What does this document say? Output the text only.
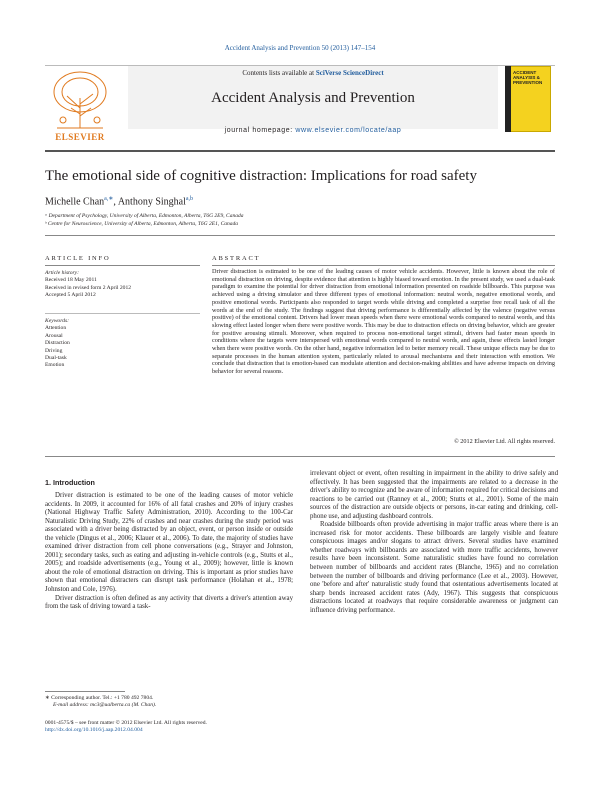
Accident Analysis and Prevention 50 (2013) 147–154
ELSEVIER
Contents lists available at SciVerse ScienceDirect
Accident Analysis and Prevention
journal homepage: www.elsevier.com/locate/aap
ACCIDENT ANALYSIS & PREVENTION
The emotional side of cognitive distraction: Implications for road safety
Michelle Chan$^{a,∗}$, Anthony Singhal$^{a,b}$
ᵃ Department of Psychology, University of Alberta, Edmonton, Alberta, T6G 2E9, Canada
ᵇ Centre for Neuroscience, University of Alberta, Edmonton, Alberta, T6G 2E1, Canada
ARTICLE INFO	ABSTRACT
Article history:
Received 18 May 2011
Received in revised form 2 April 2012
Accepted 5 April 2012
Keywords:
Attention
Arousal
Distraction
Driving
Dual-task
Emotion
Driver distraction is estimated to be one of the leading causes of motor vehicle accidents. However, little is known about the role of emotional distraction on driving, despite evidence that attention is highly biased toward emotion. In the present study, we used a dual-task paradigm to examine the potential for driver distraction from emotional information presented on roadside billboards. This purpose was achieved using a driving simulator and three different types of emotional information: neutral words, negative emotional words, and positive emotional words. Participants also responded to target words while driving and completed a surprise free recall task of all the words at the end of the study. The findings suggest that driving performance is differentially affected by the valence (negative versus positive) of the emotional content. Drivers had lower mean speeds when there were emotional words compared to neutral words, and this slowing effect lasted longer when there were positive words. This may be due to distraction effects on driving behavior, which are greater for positive arousing stimuli. Moreover, when required to process non-emotional target stimuli, drivers had faster mean speeds in conditions where the targets were interspersed with emotional words compared to neutral words, and again, these effects lasted longer when there were positive words. On the other hand, negative information led to better memory recall. These unique effects may be due to separate processes in the human attention system, particularly related to arousal mechanisms and their interaction with emotion. We conclude that distraction that is emotion-based can modulate attention and decision-making abilities and have adverse impacts on driving behavior for several reasons.
© 2012 Elsevier Ltd. All rights reserved.
1. Introduction

Driver distraction is estimated to be one of the leading causes of motor vehicle accidents. In 2009, it accounted for 16% of all fatal crashes and 20% of injury crashes (National Highway Traffic Safety Administration, 2010). According to the 100-Car Naturalistic Driving Study, 22% of crashes and near crashes during the study period was associated with a driver being distracted by an object, event, or person inside or outside the vehicle (Dingus et al., 2006; Klauer et al., 2006). To date, the majority of studies have examined driver distraction from cell phone conversations (e.g., Strayer and Johnston, 2001); secondary tasks, such as eating and adjusting in-vehicle controls (e.g., Stutts et al., 2005); and roadside advertisements (e.g., Young et al., 2009); however, little is known about the role of emotional distraction on driving. This is important as prior studies have shown that emotional distracters can disrupt task performance (Holahan et al., 1978; Johnston and Cole, 1976).

Driver distraction is often defined as any activity that diverts a driver's attention away from the task of driving toward a task-

irrelevant object or event, often resulting in impairment in the ability to drive safely and effectively. It has been suggested that the impairments are related to a decrease in the driver's ability to recognize and be aware of information required for critical decisions and reactions to be carried out (Ranney et al., 2000; Stutts et al., 2001). Some of the main sources of the distraction are outside objects or persons, in-car eating and drinking, cell-phone use, and adjusting dashboard controls.

Roadside billboards often provide advertising in major traffic areas where there is an increased risk for motor accidents. These billboards are largely visible and feature conspicuous images and/or slogans to attract drivers. Several studies have examined whether roadways with billboards are associated with more traffic accidents, however results have been inconsistent. Some naturalistic studies have found no correlation between number of billboards and accident rates (Blanche, 1965) and no correlation between the number of billboards and driving performance (Lee et al., 2003). However, one 'before and after' naturalistic study found that ostentatious advertisements located at sharp bends increased accident rates (Ady, 1967). This suggests that conspicuous distractions located at roadways that require considerable awareness or judgment can influence driving performance.

∗ Corresponding author. Tel.: +1 780 492 7804.
E-mail address: mc3@ualberta.ca (M. Chan).
0001-4575/$ – see front matter © 2012 Elsevier Ltd. All rights reserved.
http://dx.doi.org/10.1016/j.aap.2012.04.004
